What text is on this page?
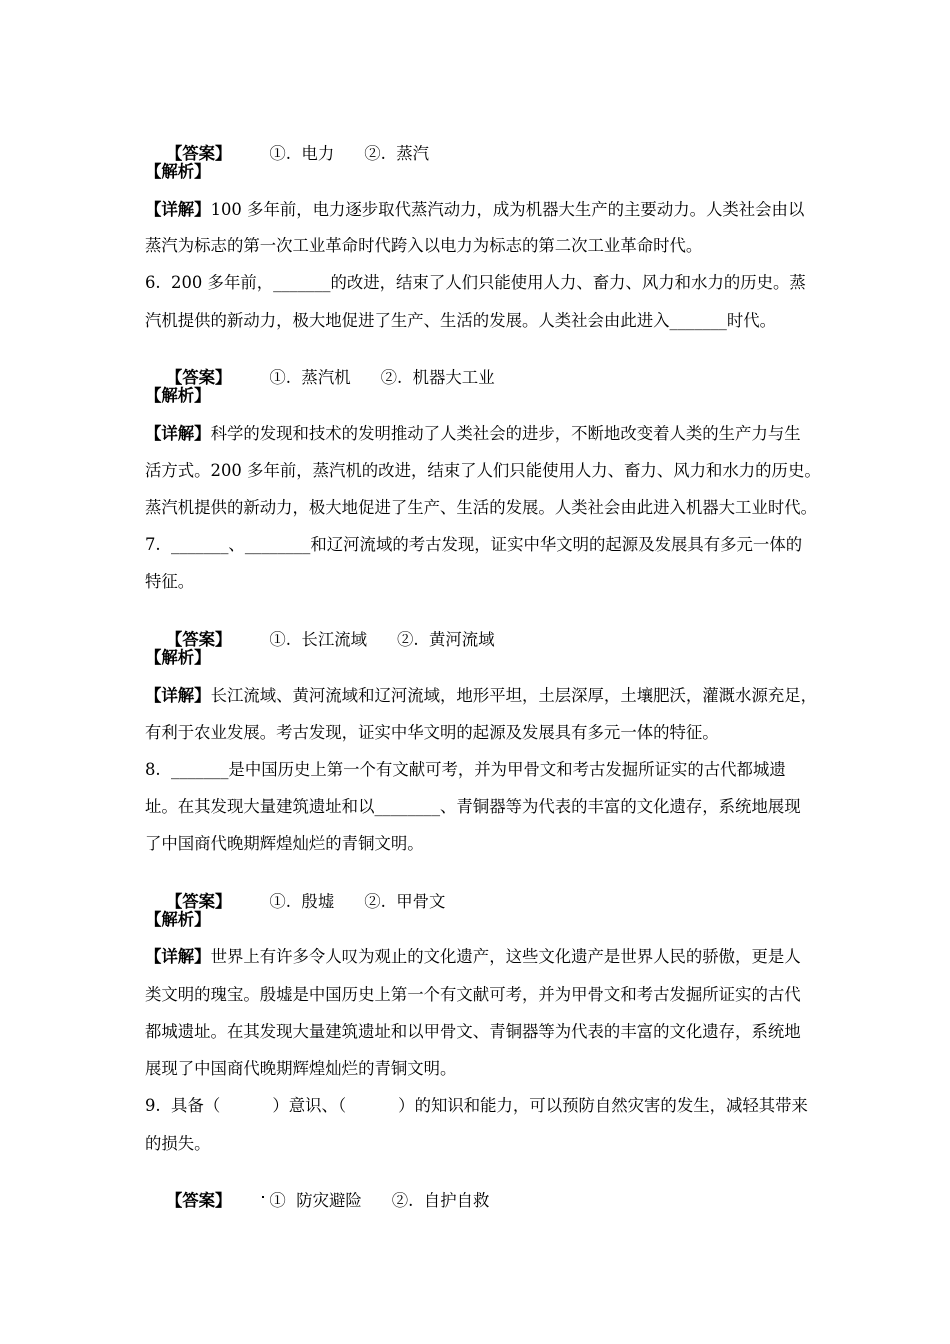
【答案】 ①.  电力 ②.  蒸汽

【解析】
【详解】100 多年前，电力逐步取代蒸汽动力，成为机器大生产的主要动力。人类社会由以
蒸汽为标志的第一次工业革命时代跨入以电力为标志的第二次工业革命时代。
6.  200 多年前，_______的改进，结束了人们只能使用人力、畜力、风力和水力的历史。蒸
汽机提供的新动力，极大地促进了生产、生活的发展。人类社会由此进入_______时代。

【答案】 ①.  蒸汽机 ②.  机器大工业

【解析】
【详解】科学的发现和技术的发明推动了人类社会的进步，不断地改变着人类的生产力与生
活方式。200 多年前，蒸汽机的改进，结束了人们只能使用人力、畜力、风力和水力的历史。
蒸汽机提供的新动力，极大地促进了生产、生活的发展。人类社会由此进入机器大工业时代。
7.  _______、________和辽河流域的考古发现，证实中华文明的起源及发展具有多元一体的
特征。

【答案】 ①.  长江流域 ②.  黄河流域

【解析】
【详解】长江流域、黄河流域和辽河流域，地形平坦，土层深厚，土壤肥沃，灌溉水源充足，
有利于农业发展。考古发现，证实中华文明的起源及发展具有多元一体的特征。
8.  _______是中国历史上第一个有文献可考，并为甲骨文和考古发掘所证实的古代都城遗
址。在其发现大量建筑遗址和以________、青铜器等为代表的丰富的文化遗存，系统地展现
了中国商代晚期辉煌灿烂的青铜文明。

【答案】 ①.  殷墟 ②.  甲骨文

【解析】
【详解】世界上有许多令人叹为观止的文化遗产，这些文化遗产是世界人民的骄傲，更是人
类文明的瑰宝。殷墟是中国历史上第一个有文献可考，并为甲骨文和考古发掘所证实的古代
都城遗址。在其发现大量建筑遗址和以甲骨文、青铜器等为代表的丰富的文化遗存，系统地
展现了中国商代晚期辉煌灿烂的青铜文明。
9.  具备（          ）意识、（          ）的知识和能力，可以预防自然灾害的发生，减轻其带来
的损失。

【答案】 ①  防灾避险 ②.  自护自救
